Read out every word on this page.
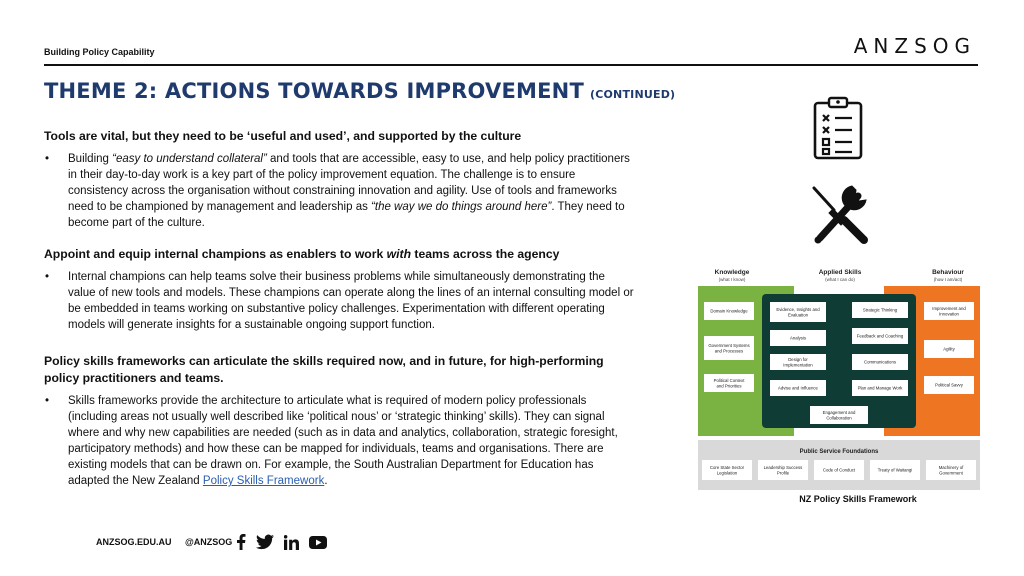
Building Policy Capability	ANZSOG
THEME 2: ACTIONS TOWARDS IMPROVEMENT (CONTINUED)
Tools are vital, but they need to be ‘useful and used’, and supported by the culture
• Building “easy to understand collateral” and tools that are accessible, easy to use, and help policy practitioners in their day-to-day work is a key part of the policy improvement equation. The challenge is to ensure consistency across the organisation without constraining innovation and agility. Use of tools and frameworks need to be championed by management and leadership as “the way we do things around here”. They need to become part of the culture.
Appoint and equip internal champions as enablers to work with teams across the agency
• Internal champions can help teams solve their business problems while simultaneously demonstrating the value of new tools and models. These champions can operate along the lines of an internal consulting model or be embedded in teams working on substantive policy challenges. Experimentation with different operating models will generate insights for a sustainable ongoing support function.
Policy skills frameworks can articulate the skills required now, and in future, for high-performing policy practitioners and teams.
• Skills frameworks provide the architecture to articulate what is required of modern policy professionals (including areas not usually well described like ‘political nous’ or ‘strategic thinking’ skills). They can signal where and why new capabilities are needed (such as in data and analytics, collaboration, strategic foresight, participatory methods) and how these can be mapped for individuals, teams and organisations. There are existing models that can be drawn on. For example, the South Australian Department for Education has adapted the New Zealand Policy Skills Framework.
Knowledge
(what I know)
Applied Skills
(what I can do)
Behaviour
(how I am/act)
Domain Knowledge
Government Systems and Processes
Political Context and Priorities
Evidence, Insights and Evaluation
Analysis
Design for Implementation
Advise and Influence
Strategic Thinking
Feedback and Coaching
Communications
Plan and Manage Work
Engagement and Collaboration
Improvement and Innovation
Agility
Political Savvy
Core State Sector Legislation
Leadership Success Profile
Code of Conduct	Treaty of Waitangi
Machinery of Government
Public Service Foundations
NZ Policy Skills Framework
ANZSOG.EDU.AU @ANZSOG
